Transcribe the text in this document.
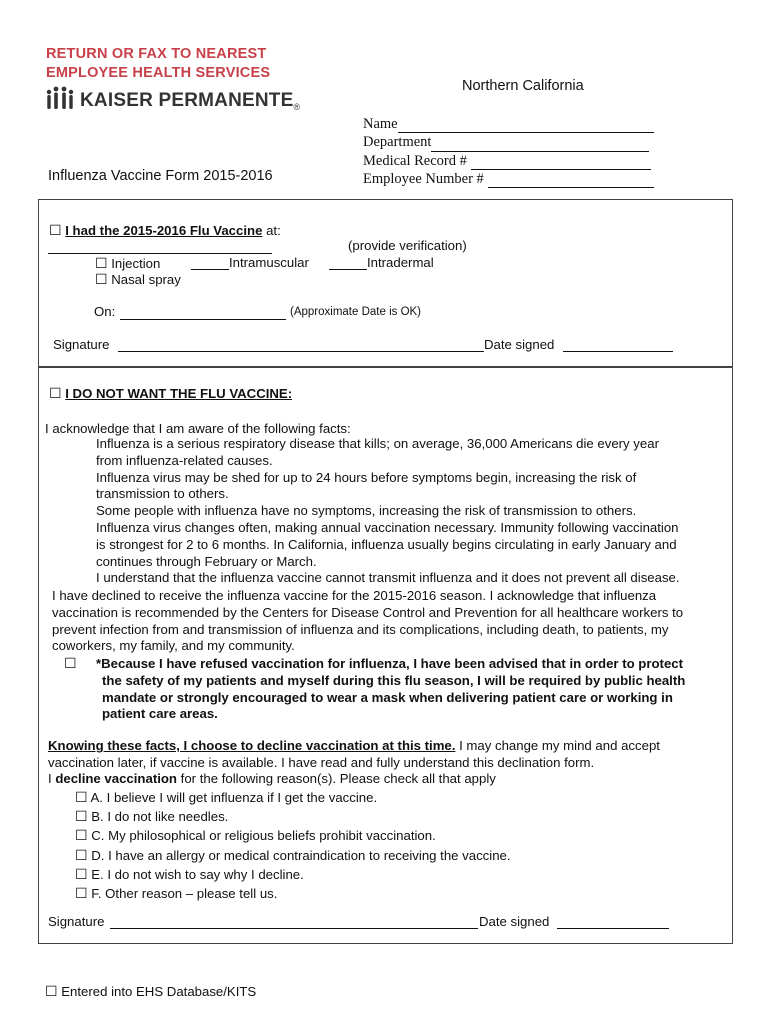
RETURN OR FAX TO NEAREST
EMPLOYEE HEALTH SERVICES
KAISER PERMANENTE®
Northern California
Name
Department
Medical Record #
Employee Number #
Influenza Vaccine Form 2015-2016
☐ I had the 2015-2016 Flu Vaccine at:
(provide verification)
☐ Injection	Intramuscular	Intradermal
☐ Nasal spray
On:	(Approximate Date is OK)
Signature	Date signed
☐ I DO NOT WANT THE FLU VACCINE:
I acknowledge that I am aware of the following facts:
Influenza is a serious respiratory disease that kills; on average, 36,000 Americans die every year
from influenza-related causes.
Influenza virus may be shed for up to 24 hours before symptoms begin, increasing the risk of
transmission to others.
Some people with influenza have no symptoms, increasing the risk of transmission to others.
Influenza virus changes often, making annual vaccination necessary. Immunity following vaccination
is strongest for 2 to 6 months. In California, influenza usually begins circulating in early January and
continues through February or March.
I understand that the influenza vaccine cannot transmit influenza and it does not prevent all disease.
I have declined to receive the influenza vaccine for the 2015-2016 season. I acknowledge that influenza
vaccination is recommended by the Centers for Disease Control and Prevention for all healthcare workers to
prevent infection from and transmission of influenza and its complications, including death, to patients, my
coworkers, my family, and my community.
☐ *Because I have refused vaccination for influenza, I have been advised that in order to protect
the safety of my patients and myself during this flu season, I will be required by public health
mandate or strongly encouraged to wear a mask when delivering patient care or working in
patient care areas.
Knowing these facts, I choose to decline vaccination at this time. I may change my mind and accept
vaccination later, if vaccine is available. I have read and fully understand this declination form.
I decline vaccination for the following reason(s). Please check all that apply
☐ A. I believe I will get influenza if I get the vaccine.
☐ B. I do not like needles.
☐ C. My philosophical or religious beliefs prohibit vaccination.
☐ D. I have an allergy or medical contraindication to receiving the vaccine.
☐ E. I do not wish to say why I decline.
☐ F. Other reason – please tell us.
Signature	Date signed
☐ Entered into EHS Database/KITS
